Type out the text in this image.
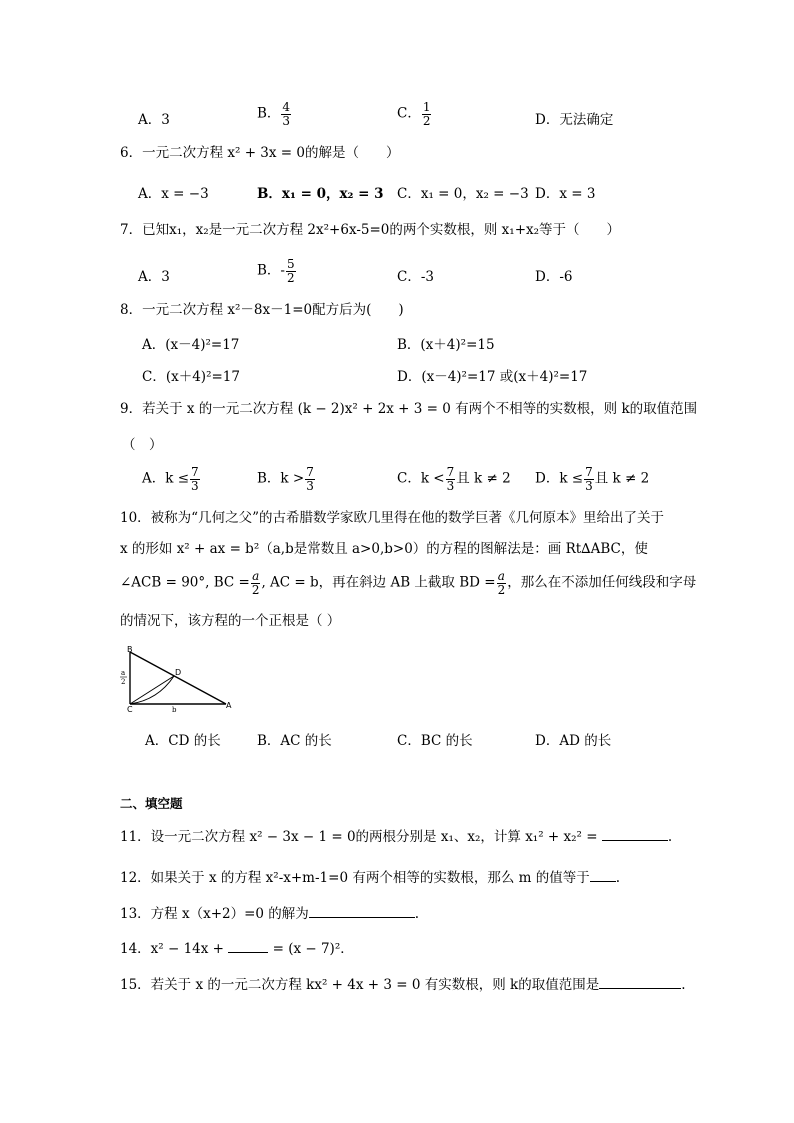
A．3	B． $\frac{4}{3}$	C． $\frac{1}{2}$	D．无法确定
6．一元二次方程 x² + 3x = 0的解是（　　）
A．x = −3	B．x₁ = 0，x₂ = 3 C．x₁ = 0，x₂ = −3 D．x = 3
7．已知x₁，x₂是一元二次方程 2x²+6x-5=0的两个实数根，则 x₁+x₂等于（　　）
A．3	B．- $\frac{5}{2}$	C．-3	D．-6
8．一元二次方程 x²－8x－1=0配方后为(　　)
A．(x－4)²=17	B．(x＋4)²=15
C．(x＋4)²=17	D．(x－4)²=17 或(x＋4)²=17
9．若关于 x 的一元二次方程 (k − 2)x² + 2x + 3 = 0 有两个不相等的实数根，则 k的取值范围
（　）
A．$k \le \frac{7}{3}$	B．$k > \frac{7}{3}$	C．$k < \frac{7}{3}$ 且 k ≠ 2 D．$k \le \frac{7}{3}$ 且 k ≠ 2
10．被称为“几何之父”的古希腊数学家欧几里得在他的数学巨著《几何原本》里给出了关于
x 的形如 x² + ax = b²（a,b是常数且 a>0,b>0）的方程的图解法是：画 Rt∆ABC，使
∠ACB = 90°, BC = $\frac{a}{2}$ , AC = b，再在斜边 AB 上截取 BD = $\frac{a}{2}$ ，那么在不添加任何线段和字母
的情况下，该方程的一个正根是（ ）
B
D
C	A
a
2
b
A．CD 的长	B．AC 的长	C．BC 的长	D．AD 的长
二、填空题
11．设一元二次方程 x² − 3x − 1 = 0的两根分别是 x₁、x₂，计算 x₁² + x₂² =	.
12．如果关于 x 的方程 x²-x+m-1=0 有两个相等的实数根，那么 m 的值等于 .
13．方程 x（x+2）=0 的解为	.
14．x² − 14x +	= (x − 7)²．
15．若关于 x 的一元二次方程 kx² + 4x + 3 = 0 有实数根，则 k的取值范围是	.
